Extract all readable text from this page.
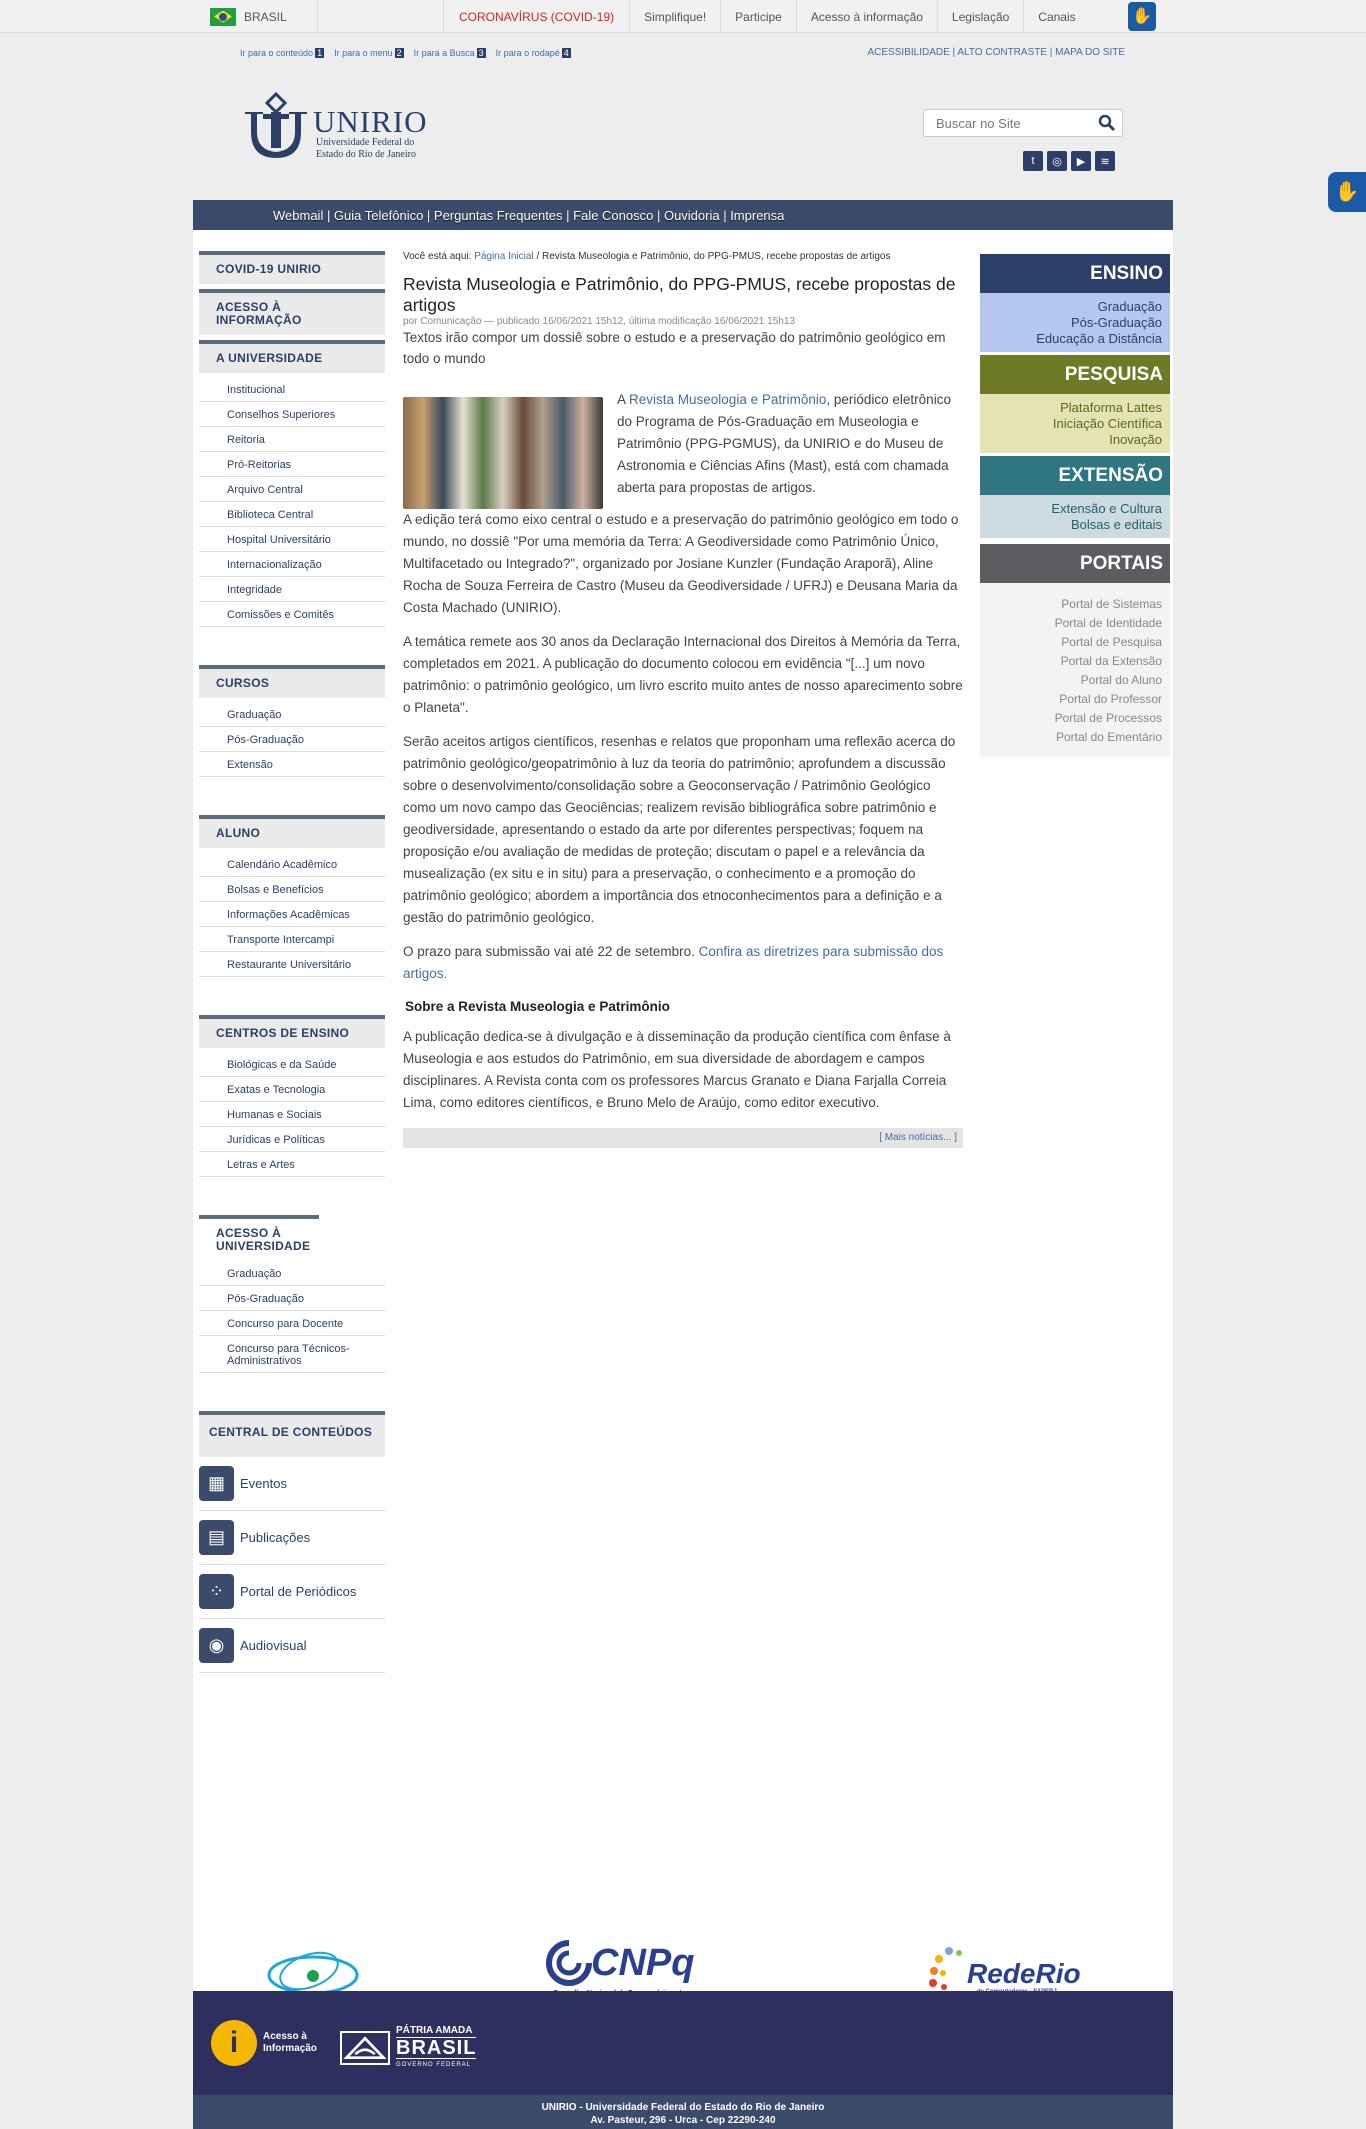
BRASIL	CORONAVÍRUS (COVID-19)	Simplifique!	Participe	Acesso à informação	Legislação	Canais	✋
Ir para o conteúdo 1 Ir para o menu 2 Ir para a Busca 3 Ir para o rodapé 4	ACESSIBILIDADE | ALTO CONTRASTE | MAPA DO SITE
UNIRIO
Universidade Federal do
Estado do Rio de Janeiro
Buscar no Site
t	◎	▶	≋
Webmail | Guia Telefônico | Perguntas Frequentes | Fale Conosco | Ouvidoria | Imprensa
COVID-19 UNIRIO
ACESSO À INFORMAÇÃO
A UNIVERSIDADE
Institucional
Conselhos Superiores
Reitoria
Pró-Reitorias
Arquivo Central
Biblioteca Central
Hospital Universitário
Internacionalização
Integridade
Comissões e Comitês
CURSOS
Graduação
Pós-Graduação
Extensão
ALUNO
Calendário Acadêmico
Bolsas e Benefícios
Informações Acadêmicas
Transporte Intercampi
Restaurante Universitário
CENTROS DE ENSINO
Biológicas e da Saúde
Exatas e Tecnologia
Humanas e Sociais
Jurídicas e Políticas
Letras e Artes
ACESSO À UNIVERSIDADE
Graduação
Pós-Graduação
Concurso para Docente
Concurso para Técnicos-Administrativos
CENTRAL DE CONTEÚDOS
▦	Eventos
▤	Publicações
⁘	Portal de Periódicos
◉	Audiovisual
Você está aqui: Página Inicial / Revista Museologia e Patrimônio, do PPG-PMUS, recebe propostas de artigos
Revista Museologia e Patrimônio, do PPG-PMUS, recebe propostas de artigos
por Comunicação — publicado 16/06/2021 15h12, última modificação 16/06/2021 15h13
Textos irão compor um dossiê sobre o estudo e a preservação do patrimônio geológico em todo o mundo

A Revista Museologia e Patrimônio, periódico eletrônico do Programa de Pós-Graduação em Museologia e Patrimônio (PPG-PGMUS), da UNIRIO e do Museu de Astronomia e Ciências Afins (Mast), está com chamada aberta para propostas de artigos.

A edição terá como eixo central o estudo e a preservação do patrimônio geológico em todo o mundo, no dossiê "Por uma memória da Terra: A Geodiversidade como Patrimônio Único, Multifacetado ou Integrado?", organizado por Josiane Kunzler (Fundação Araporã), Aline Rocha de Souza Ferreira de Castro (Museu da Geodiversidade / UFRJ) e Deusana Maria da Costa Machado (UNIRIO).

A temática remete aos 30 anos da Declaração Internacional dos Direitos à Memória da Terra, completados em 2021. A publicação do documento colocou em evidência "[...] um novo patrimônio: o patrimônio geológico, um livro escrito muito antes de nosso aparecimento sobre o Planeta".

Serão aceitos artigos científicos, resenhas e relatos que proponham uma reflexão acerca do patrimônio geológico/geopatrimônio à luz da teoria do patrimônio; aprofundem a discussão sobre o desenvolvimento/consolidação sobre a Geoconservação / Patrimônio Geológico como um novo campo das Geociências; realizem revisão bibliográfica sobre patrimônio e geodiversidade, apresentando o estado da arte por diferentes perspectivas; foquem na proposição e/ou avaliação de medidas de proteção; discutam o papel e a relevância da musealização (ex situ e in situ) para a preservação, o conhecimento e a promoção do patrimônio geológico; abordem a importância dos etnoconhecimentos para a definição e a gestão do patrimônio geológico.

O prazo para submissão vai até 22 de setembro. Confira as diretrizes para submissão dos artigos.

Sobre a Revista Museologia e Patrimônio

A publicação dedica-se à divulgação e à disseminação da produção científica com ênfase à Museologia e aos estudos do Patrimônio, em sua diversidade de abordagem e campos disciplinares. A Revista conta com os professores Marcus Granato e Diana Farjalla Correia Lima, como editores científicos, e Bruno Melo de Araújo, como editor executivo.

[ Mais notícias... ]
ENSINO
Graduação
Pós-Graduação
Educação a Distância
PESQUISA
Plataforma Lattes
Iniciação Científica
Inovação
EXTENSÃO
Extensão e Cultura
Bolsas e editais
PORTAIS
Portal de Sistemas
Portal de Identidade
Portal de Pesquisa
Portal da Extensão
Portal do Aluno
Portal do Professor
Portal de Processos
Portal do Ementário
CNPq	RedeRio
i	Acesso à
Informação
PÁTRIA AMADA
BRASIL
GOVERNO FEDERAL
UNIRIO - Universidade Federal do Estado do Rio de Janeiro
Av. Pasteur, 296 - Urca - Cep 22290-240
✋
